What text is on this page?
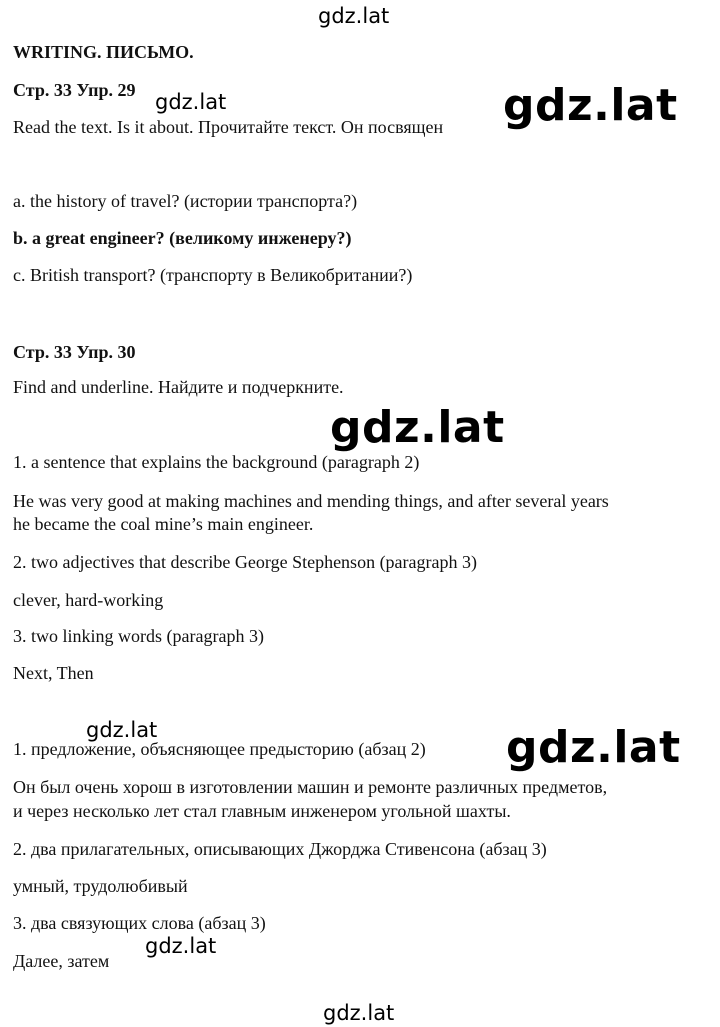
gdz.lat
gdz.lat	gdz.lat
gdz.lat
gdz.lat	gdz.lat
gdz.lat
gdz.lat
WRITING. ПИСЬМО.
Стр. 33 Упр. 29
Read the text. Is it about. Прочитайте текст. Он посвящен
a. the history of travel? (истории транспорта?)
b. a great engineer? (великому инженеру?)
c. British transport? (транспорту в Великобритании?)
Стр. 33 Упр. 30
Find and underline. Найдите и подчеркните.
1. a sentence that explains the background (paragraph 2)
He was very good at making machines and mending things, and after several years
he became the coal mine’s main engineer.
2. two adjectives that describe George Stephenson (paragraph 3)
clever, hard-working
3. two linking words (paragraph 3)
Next, Then
1. предложение, объясняющее предысторию (абзац 2)
Он был очень хорош в изготовлении машин и ремонте различных предметов,
и через несколько лет стал главным инженером угольной шахты.
2. два прилагательных, описывающих Джорджа Стивенсона (абзац 3)
умный, трудолюбивый
3. два связующих слова (абзац 3)
Далее, затем
